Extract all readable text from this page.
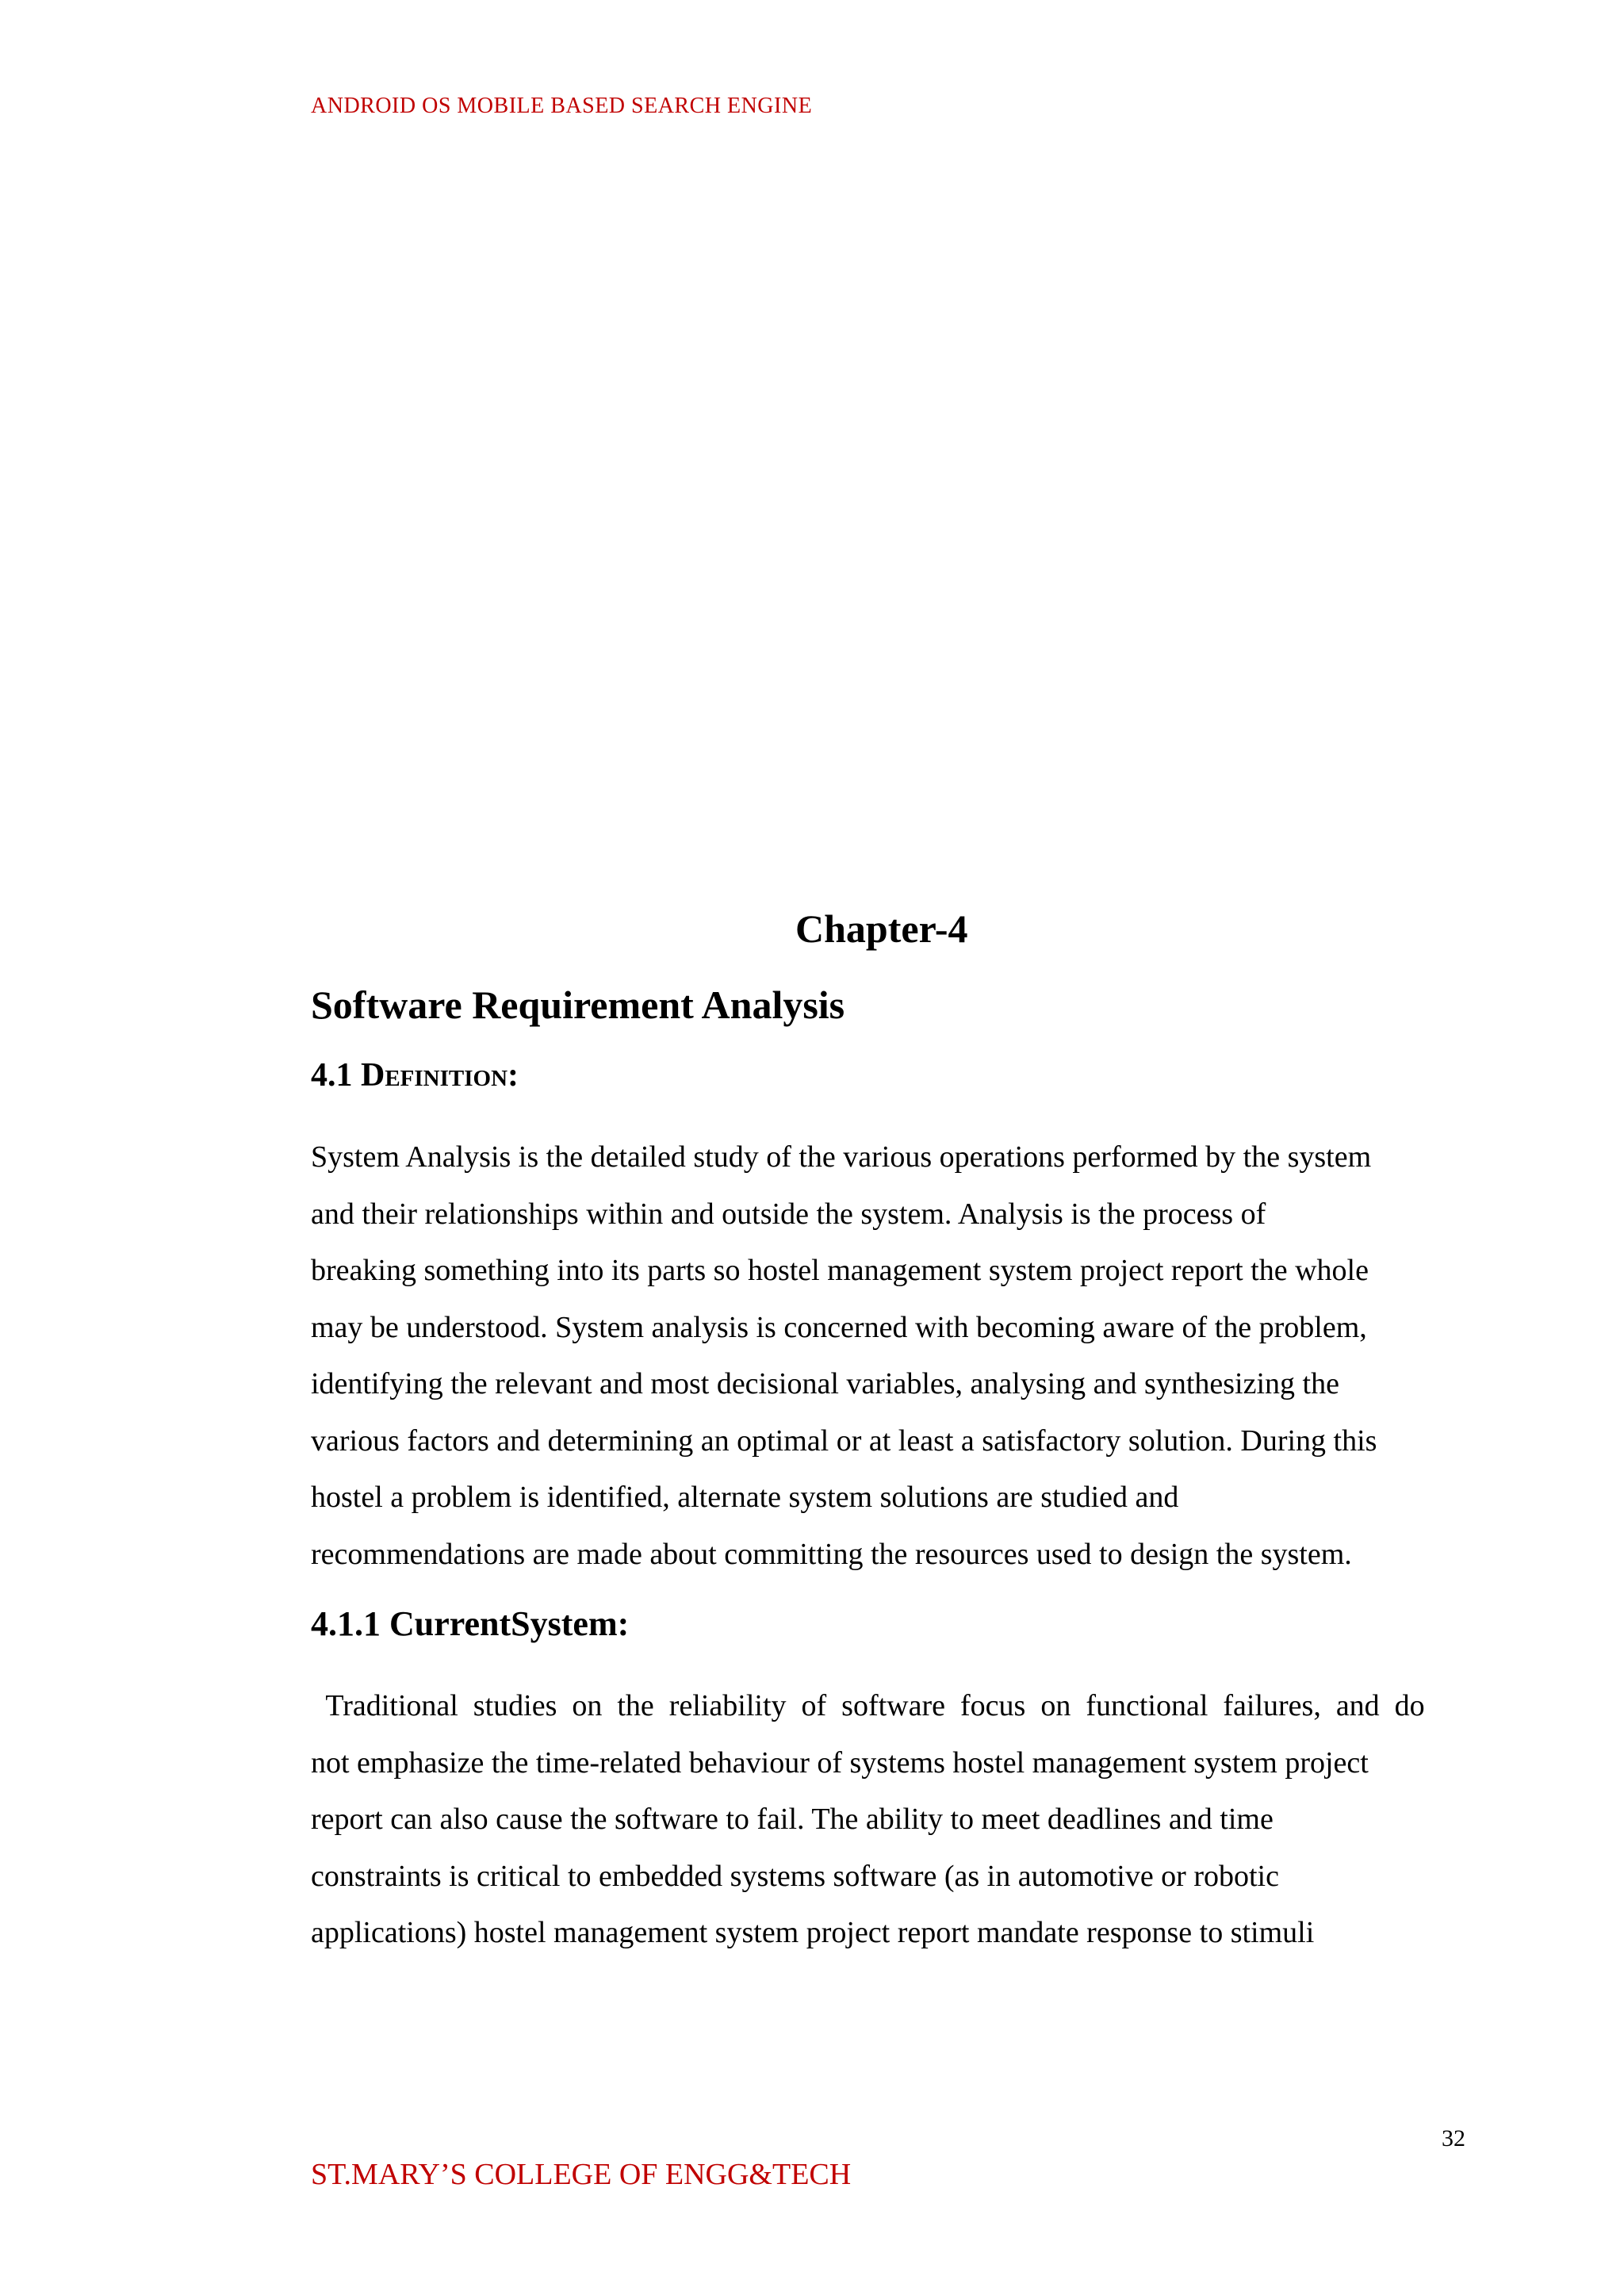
ANDROID OS MOBILE BASED SEARCH ENGINE
Chapter-4
Software Requirement Analysis
4.1 Definition:
System Analysis is the detailed study of the various operations performed by the system
and their relationships within and outside the system. Analysis is the process of
breaking something into its parts so hostel management system project report the whole
may be understood. System analysis is concerned with becoming aware of the problem,
identifying the relevant and most decisional variables, analysing and synthesizing the
various factors and determining an optimal or at least a satisfactory solution. During this
hostel a problem is identified, alternate system solutions are studied and
recommendations are made about committing the resources used to design the system.
4.1.1 CurrentSystem:
Traditional  studies  on  the  reliability  of  software  focus  on  functional  failures,  and  do
not emphasize the time-related behaviour of systems hostel management system project
report can also cause the software to fail. The ability to meet deadlines and time
constraints is critical to embedded systems software (as in automotive or robotic
applications) hostel management system project report mandate response to stimuli
32
ST.MARY’S COLLEGE OF ENGG&TECH
